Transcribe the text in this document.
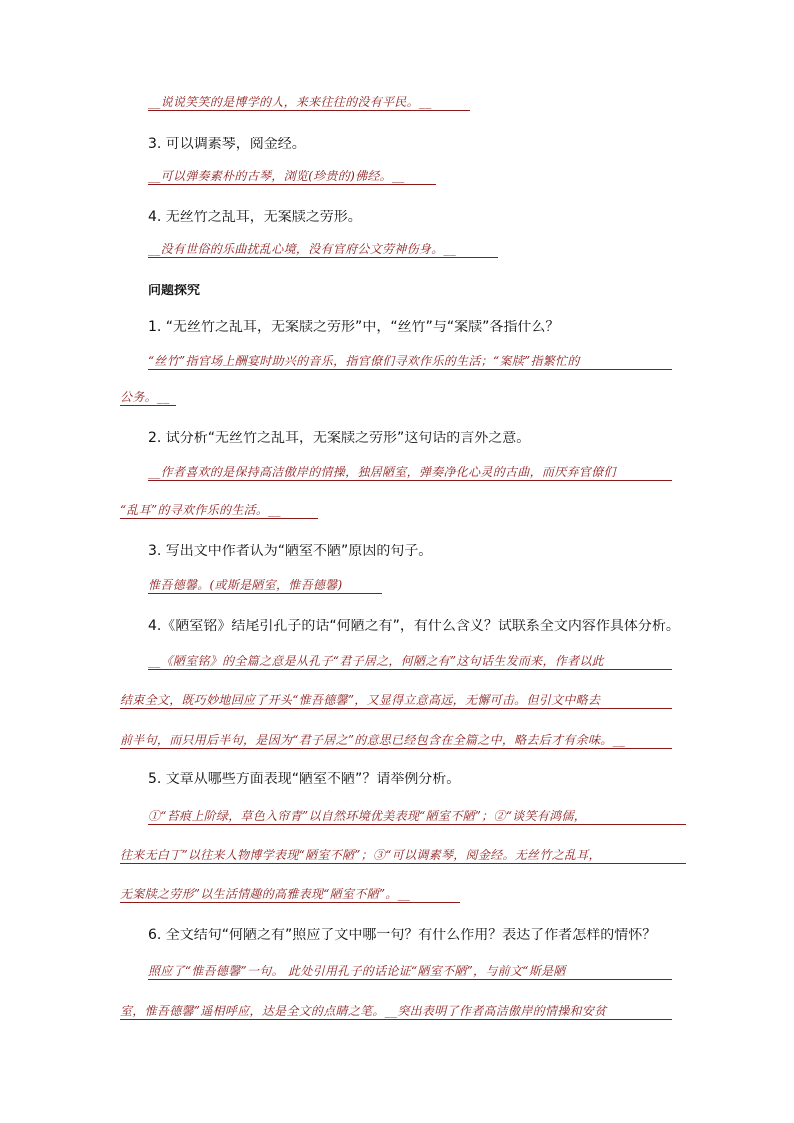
__说说笑笑的是博学的人，来来往往的没有平民。__
3. 可以调素琴，阅金经。
__可以弹奏素朴的古琴，浏览(珍贵的)佛经。__
4. 无丝竹之乱耳，无案牍之劳形。
__没有世俗的乐曲扰乱心境，没有官府公文劳神伤身。__
问题探究
1. “无丝竹之乱耳，无案牍之劳形”中，“丝竹”与“案牍”各指什么？
“丝竹”指官场上酬宴时助兴的音乐，指官僚们寻欢作乐的生活；“案牍”指繁忙的
公务。__
2. 试分析“无丝竹之乱耳，无案牍之劳形”这句话的言外之意。
__作者喜欢的是保持高洁傲岸的情操，独居陋室，弹奏净化心灵的古曲，而厌弃官僚们
“乱耳”的寻欢作乐的生活。__
3. 写出文中作者认为“陋室不陋”原因的句子。
惟吾德馨。(或斯是陋室，惟吾德馨)
4.《陋室铭》结尾引孔子的话“何陋之有”，有什么含义？试联系全文内容作具体分析。
__《陋室铭》的全篇之意是从孔子“君子居之，何陋之有”这句话生发而来，作者以此
结束全文，既巧妙地回应了开头“惟吾德馨”，又显得立意高远，无懈可击。但引文中略去
前半句，而只用后半句，是因为“君子居之”的意思已经包含在全篇之中，略去后才有余味。__
5. 文章从哪些方面表现“陋室不陋”？请举例分析。
①“苔痕上阶绿，草色入帘青”以自然环境优美表现“陋室不陋”；②“谈笑有鸿儒，
往来无白丁”以往来人物博学表现“陋室不陋”；③“可以调素琴，阅金经。无丝竹之乱耳，
无案牍之劳形”以生活情趣的高雅表现“陋室不陋”。__
6. 全文结句“何陋之有”照应了文中哪一句？有什么作用？表达了作者怎样的情怀？
照应了“惟吾德馨”一句。 此处引用孔子的话论证“陋室不陋”，与前文“斯是陋
室，惟吾德馨”遥相呼应，达是全文的点睛之笔。__突出表明了作者高洁傲岸的情操和安贫
